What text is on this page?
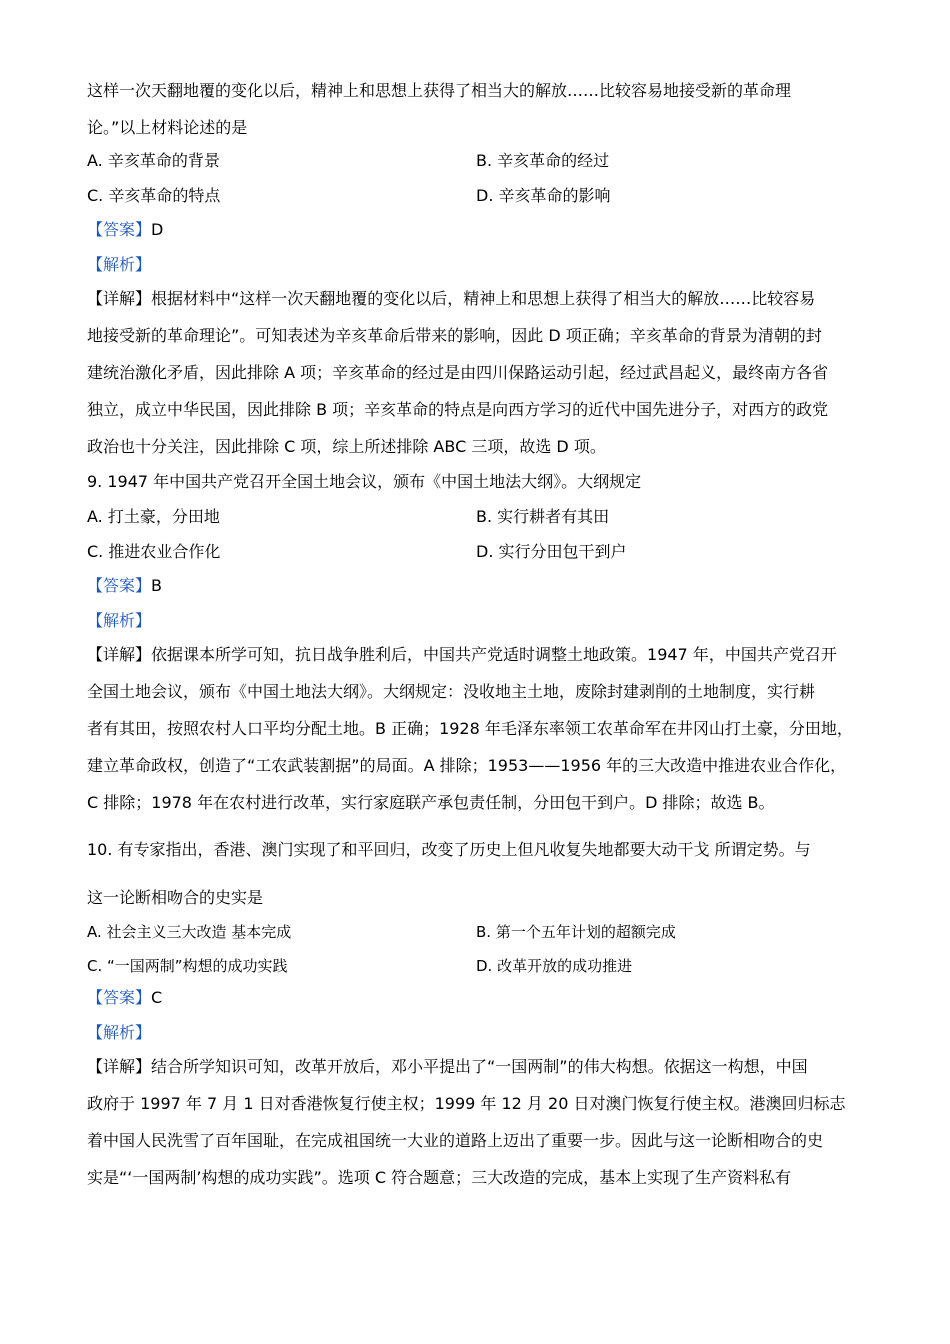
这样一次天翻地覆的变化以后，精神上和思想上获得了相当大的解放……比较容易地接受新的革命理
论。”以上材料论述的是
A. 辛亥革命的背景	B. 辛亥革命的经过
C. 辛亥革命的特点	D. 辛亥革命的影响
【答案】D
【解析】
【详解】根据材料中“这样一次天翻地覆的变化以后，精神上和思想上获得了相当大的解放……比较容易
地接受新的革命理论”。可知表述为辛亥革命后带来的影响，因此 D 项正确；辛亥革命的背景为清朝的封
建统治激化矛盾，因此排除 A 项；辛亥革命的经过是由四川保路运动引起，经过武昌起义，最终南方各省
独立，成立中华民国，因此排除 B 项；辛亥革命的特点是向西方学习的近代中国先进分子，对西方的政党
政治也十分关注，因此排除 C 项，综上所述排除 ABC 三项，故选 D 项。
9. 1947 年中国共产党召开全国土地会议，颁布《中国土地法大纲》。大纲规定
A. 打土豪，分田地	B. 实行耕者有其田
C. 推进农业合作化	D. 实行分田包干到户
【答案】B
【解析】
【详解】依据课本所学可知，抗日战争胜利后，中国共产党适时调整土地政策。1947 年，中国共产党召开
全国土地会议，颁布《中国土地法大纲》。大纲规定：没收地主土地，废除封建剥削的土地制度，实行耕
者有其田，按照农村人口平均分配土地。B 正确；1928 年毛泽东率领工农革命军在井冈山打土豪，分田地，
建立革命政权，创造了“工农武装割据”的局面。A 排除；1953——1956 年的三大改造中推进农业合作化，
C 排除；1978 年在农村进行改革，实行家庭联产承包责任制，分田包干到户。D 排除；故选 B。
10. 有专家指出，香港、澳门实现了和平回归，改变了历史上但凡收复失地都要大动干戈 所谓定势。与
这一论断相吻合的史实是
A. 社会主义三大改造 基本完成	B. 第一个五年计划的超额完成
C. “一国两制”构想的成功实践	D. 改革开放的成功推进
【答案】C
【解析】
【详解】结合所学知识可知，改革开放后，邓小平提出了“一国两制”的伟大构想。依据这一构想，中国
政府于 1997 年 7 月 1 日对香港恢复行使主权；1999 年 12 月 20 日对澳门恢复行使主权。港澳回归标志
着中国人民洗雪了百年国耻，在完成祖国统一大业的道路上迈出了重要一步。因此与这一论断相吻合的史
实是“‘一国两制’构想的成功实践”。选项 C 符合题意；三大改造的完成，基本上实现了生产资料私有
